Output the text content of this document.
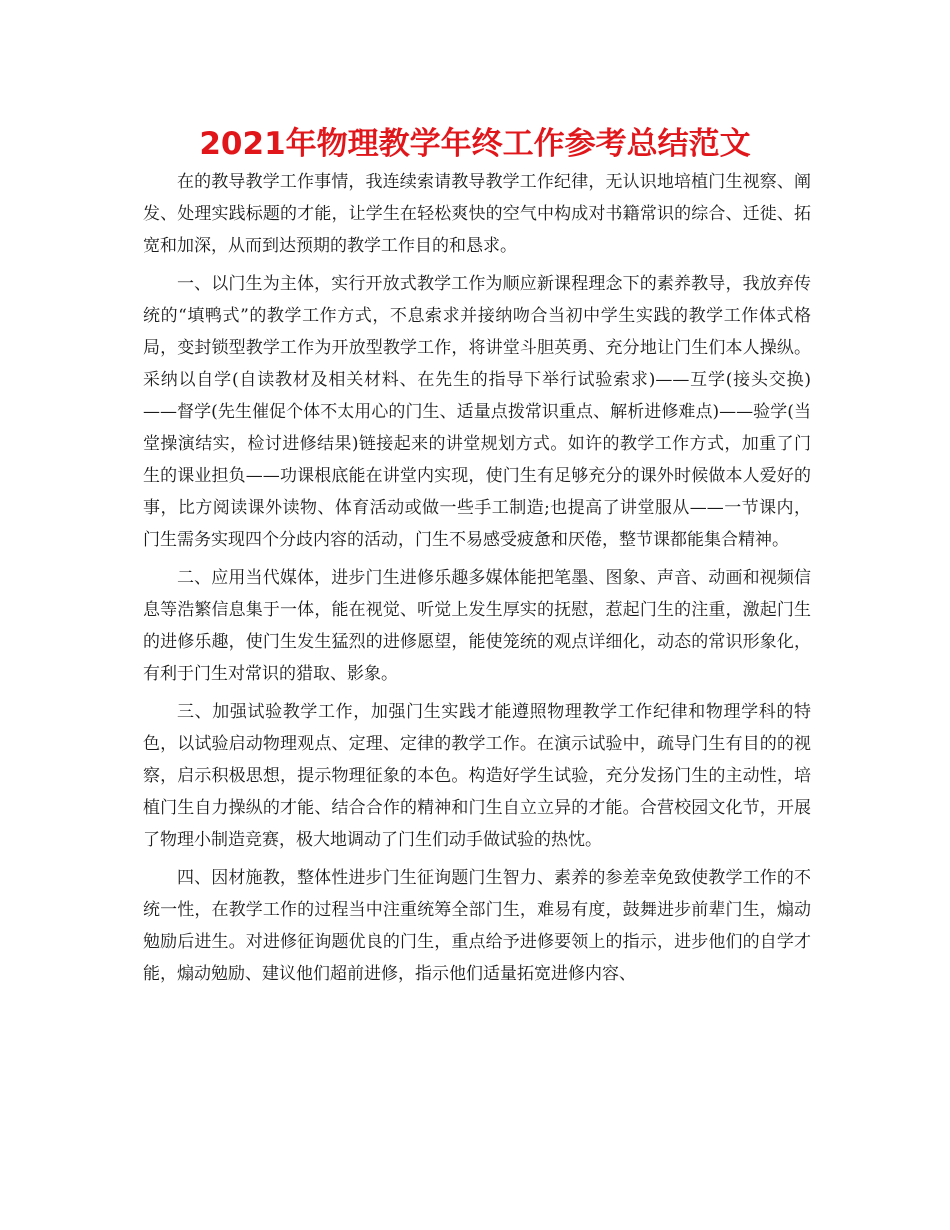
2021年物理教学年终工作参考总结范文

在的教导教学工作事情，我连续索请教导教学工作纪律，无认识地培植门生视察、阐发、处理实践标题的才能，让学生在轻松爽快的空气中构成对书籍常识的综合、迁徙、拓宽和加深，从而到达预期的教学工作目的和恳求。

一、以门生为主体，实行开放式教学工作为顺应新课程理念下的素养教导，我放弃传统的“填鸭式”的教学工作方式，不息索求并接纳吻合当初中学生实践的教学工作体式格局，变封锁型教学工作为开放型教学工作，将讲堂斗胆英勇、充分地让门生们本人操纵。采纳以自学(自读教材及相关材料、在先生的指导下举行试验索求)——互学(接头交换)——督学(先生催促个体不太用心的门生、适量点拨常识重点、解析进修难点)——验学(当堂操演结实，检讨进修结果)链接起来的讲堂规划方式。如许的教学工作方式，加重了门生的课业担负——功课根底能在讲堂内实现，使门生有足够充分的课外时候做本人爱好的事，比方阅读课外读物、体育活动或做一些手工制造;也提高了讲堂服从——一节课内，门生需务实现四个分歧内容的活动，门生不易感受疲惫和厌倦，整节课都能集合精神。

二、应用当代媒体，进步门生进修乐趣多媒体能把笔墨、图象、声音、动画和视频信息等浩繁信息集于一体，能在视觉、听觉上发生厚实的抚慰，惹起门生的注重，激起门生的进修乐趣，使门生发生猛烈的进修愿望，能使笼统的观点详细化，动态的常识形象化，有利于门生对常识的猎取、影象。

三、加强试验教学工作，加强门生实践才能遵照物理教学工作纪律和物理学科的特色，以试验启动物理观点、定理、定律的教学工作。在演示试验中，疏导门生有目的的视察，启示积极思想，提示物理征象的本色。构造好学生试验，充分发扬门生的主动性，培植门生自力操纵的才能、结合合作的精神和门生自立立异的才能。合营校园文化节，开展了物理小制造竞赛，极大地调动了门生们动手做试验的热忱。

四、因材施教，整体性进步门生征询题门生智力、素养的参差幸免致使教学工作的不统一性，在教学工作的过程当中注重统筹全部门生，难易有度，鼓舞进步前辈门生，煽动勉励后进生。对进修征询题优良的门生，重点给予进修要领上的指示，进步他们的自学才能，煽动勉励、建议他们超前进修，指示他们适量拓宽进修内容、
